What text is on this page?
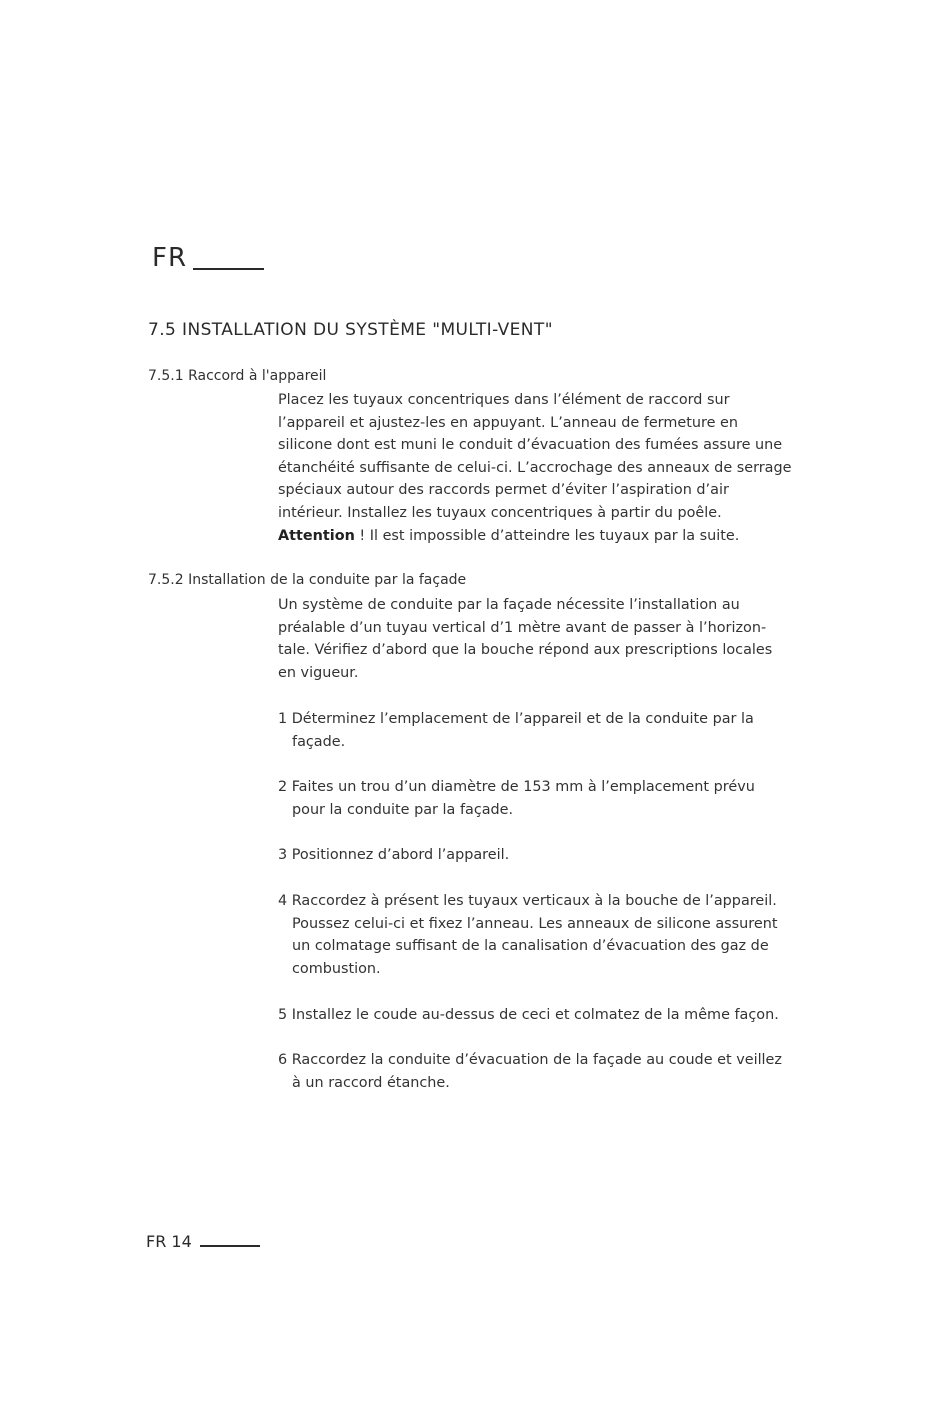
FR
7.5 INSTALLATION DU SYSTÈME "MULTI-VENT"
7.5.1 Raccord à l'appareil
Placez les tuyaux concentriques dans l’élément de raccord sur
l’appareil et ajustez-les en appuyant. L’anneau de fermeture en
silicone dont est muni le conduit d’évacuation des fumées assure une
étanchéité suffisante de celui-ci. L’accrochage des anneaux de serrage
spéciaux autour des raccords permet d’éviter l’aspiration d’air
intérieur. Installez les tuyaux concentriques à partir du poêle.
Attention ! Il est impossible d’atteindre les tuyaux par la suite.
7.5.2 Installation de la conduite par la façade
Un système de conduite par la façade nécessite l’installation au
préalable d’un tuyau vertical d’1 mètre avant de passer à l’horizon-
tale. Vérifiez d’abord que la bouche répond aux prescriptions locales
en vigueur.
1 Déterminez l’emplacement de l’appareil et de la conduite par la
façade.
2 Faites un trou d’un diamètre de 153 mm à l’emplacement prévu
pour la conduite par la façade.
3 Positionnez d’abord l’appareil.
4 Raccordez à présent les tuyaux verticaux à la bouche de l’appareil.
Poussez celui-ci et fixez l’anneau. Les anneaux de silicone assurent
un colmatage suffisant de la canalisation d’évacuation des gaz de
combustion.
5 Installez le coude au-dessus de ceci et colmatez de la même façon.
6 Raccordez la conduite d’évacuation de la façade au coude et veillez
à un raccord étanche.
FR 14
